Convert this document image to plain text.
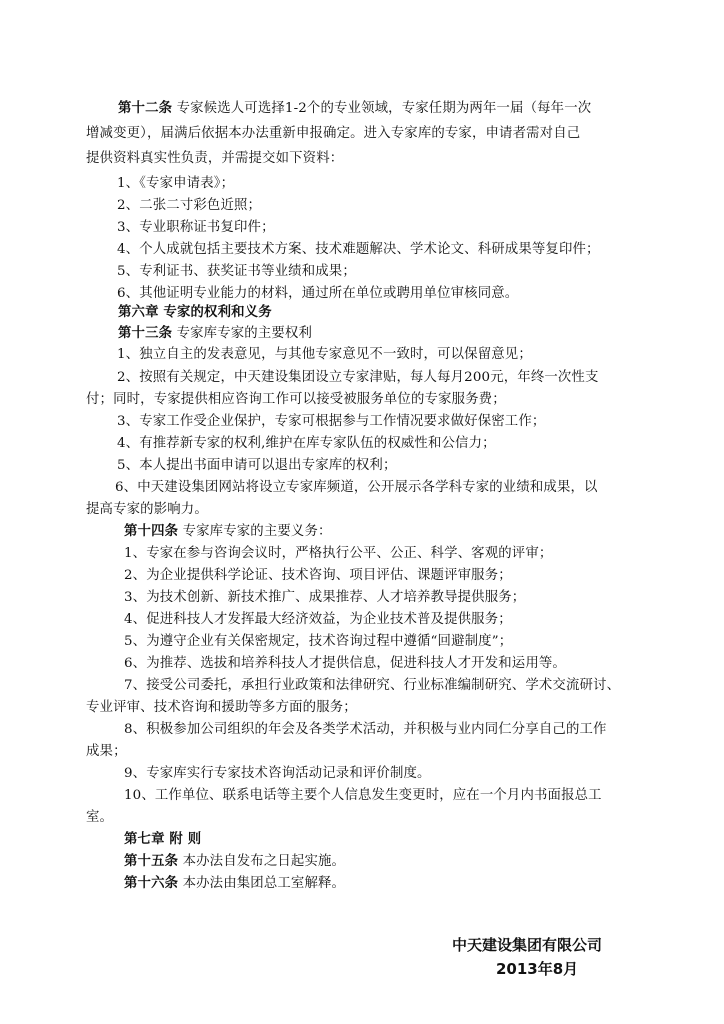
第十二条 专家候选人可选择1-2个的专业领域，专家任期为两年一届（每年一次
增减变更），届满后依据本办法重新申报确定。进入专家库的专家，申请者需对自己
提供资料真实性负责，并需提交如下资料：
1、《专家申请表》；
2、二张二寸彩色近照；
3、专业职称证书复印件；
4、个人成就包括主要技术方案、技术难题解决、学术论文、科研成果等复印件；
5、专利证书、获奖证书等业绩和成果；
6、其他证明专业能力的材料，通过所在单位或聘用单位审核同意。
第六章 专家的权利和义务
第十三条 专家库专家的主要权利
1、独立自主的发表意见，与其他专家意见不一致时，可以保留意见；
2、按照有关规定，中天建设集团设立专家津贴，每人每月200元，年终一次性支
付；同时，专家提供相应咨询工作可以接受被服务单位的专家服务费；
3、专家工作受企业保护，专家可根据参与工作情况要求做好保密工作；
4、有推荐新专家的权利,维护在库专家队伍的权威性和公信力；
5、本人提出书面申请可以退出专家库的权利；
6、中天建设集团网站将设立专家库频道，公开展示各学科专家的业绩和成果，以
提高专家的影响力。
第十四条 专家库专家的主要义务：
1、专家在参与咨询会议时，严格执行公平、公正、科学、客观的评审；
2、为企业提供科学论证、技术咨询、项目评估、课题评审服务；
3、为技术创新、新技术推广、成果推荐、人才培养教导提供服务；
4、促进科技人才发挥最大经济效益，为企业技术普及提供服务；
5、为遵守企业有关保密规定，技术咨询过程中遵循“回避制度”；
6、为推荐、选拔和培养科技人才提供信息，促进科技人才开发和运用等。
7、接受公司委托，承担行业政策和法律研究、行业标准编制研究、学术交流研讨、
专业评审、技术咨询和援助等多方面的服务；
8、积极参加公司组织的年会及各类学术活动，并积极与业内同仁分享自己的工作
成果；
9、专家库实行专家技术咨询活动记录和评价制度。
10、工作单位、联系电话等主要个人信息发生变更时，应在一个月内书面报总工
室。
第七章 附 则
第十五条 本办法自发布之日起实施。
第十六条 本办法由集团总工室解释。
中天建设集团有限公司
2013年8月
